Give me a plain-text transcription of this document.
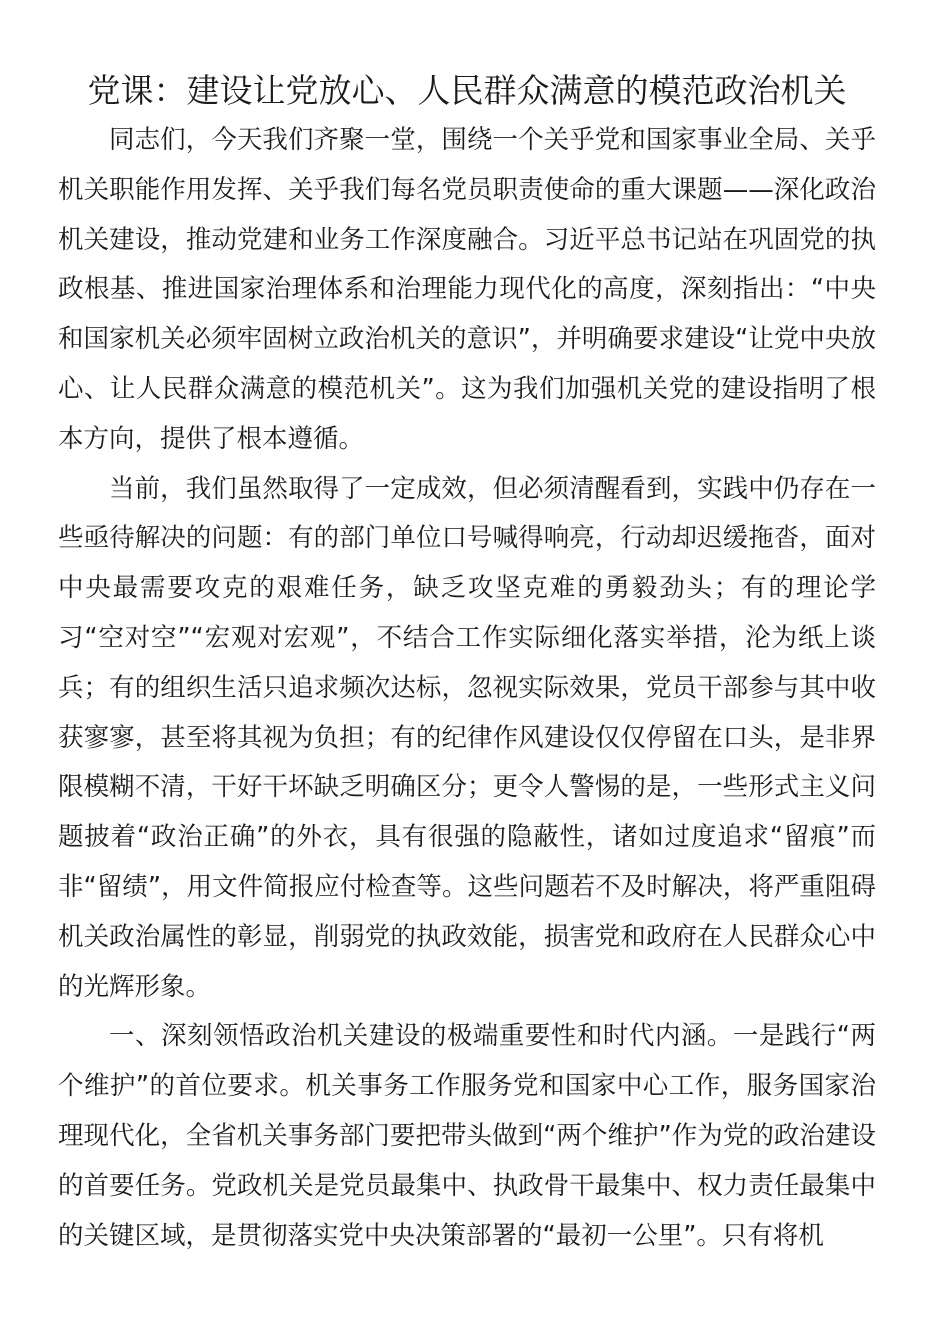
党课：建设让党放心、人民群众满意的模范政治机关

同志们，今天我们齐聚一堂，围绕一个关乎党和国家事业全局、关乎机关职能作用发挥、关乎我们每名党员职责使命的重大课题——深化政治机关建设，推动党建和业务工作深度融合。习近平总书记站在巩固党的执政根基、推进国家治理体系和治理能力现代化的高度，深刻指出：“中央和国家机关必须牢固树立政治机关的意识”，并明确要求建设“让党中央放心、让人民群众满意的模范机关”。这为我们加强机关党的建设指明了根本方向，提供了根本遵循。

当前，我们虽然取得了一定成效，但必须清醒看到，实践中仍存在一些亟待解决的问题：有的部门单位口号喊得响亮，行动却迟缓拖沓，面对中央最需要攻克的艰难任务，缺乏攻坚克难的勇毅劲头；有的理论学习“空对空”“宏观对宏观”，不结合工作实际细化落实举措，沦为纸上谈兵；有的组织生活只追求频次达标，忽视实际效果，党员干部参与其中收获寥寥，甚至将其视为负担；有的纪律作风建设仅仅停留在口头，是非界限模糊不清，干好干坏缺乏明确区分；更令人警惕的是，一些形式主义问题披着“政治正确”的外衣，具有很强的隐蔽性，诸如过度追求“留痕”而非“留绩”，用文件简报应付检查等。这些问题若不及时解决，将严重阻碍机关政治属性的彰显，削弱党的执政效能，损害党和政府在人民群众心中的光辉形象。

一、深刻领悟政治机关建设的极端重要性和时代内涵。一是践行“两个维护”的首位要求。机关事务工作服务党和国家中心工作，服务国家治理现代化，全省机关事务部门要把带头做到“两个维护”作为党的政治建设的首要任务。党政机关是党员最集中、执政骨干最集中、权力责任最集中的关键区域，是贯彻落实党中央决策部署的“最初一公里”。只有将机
